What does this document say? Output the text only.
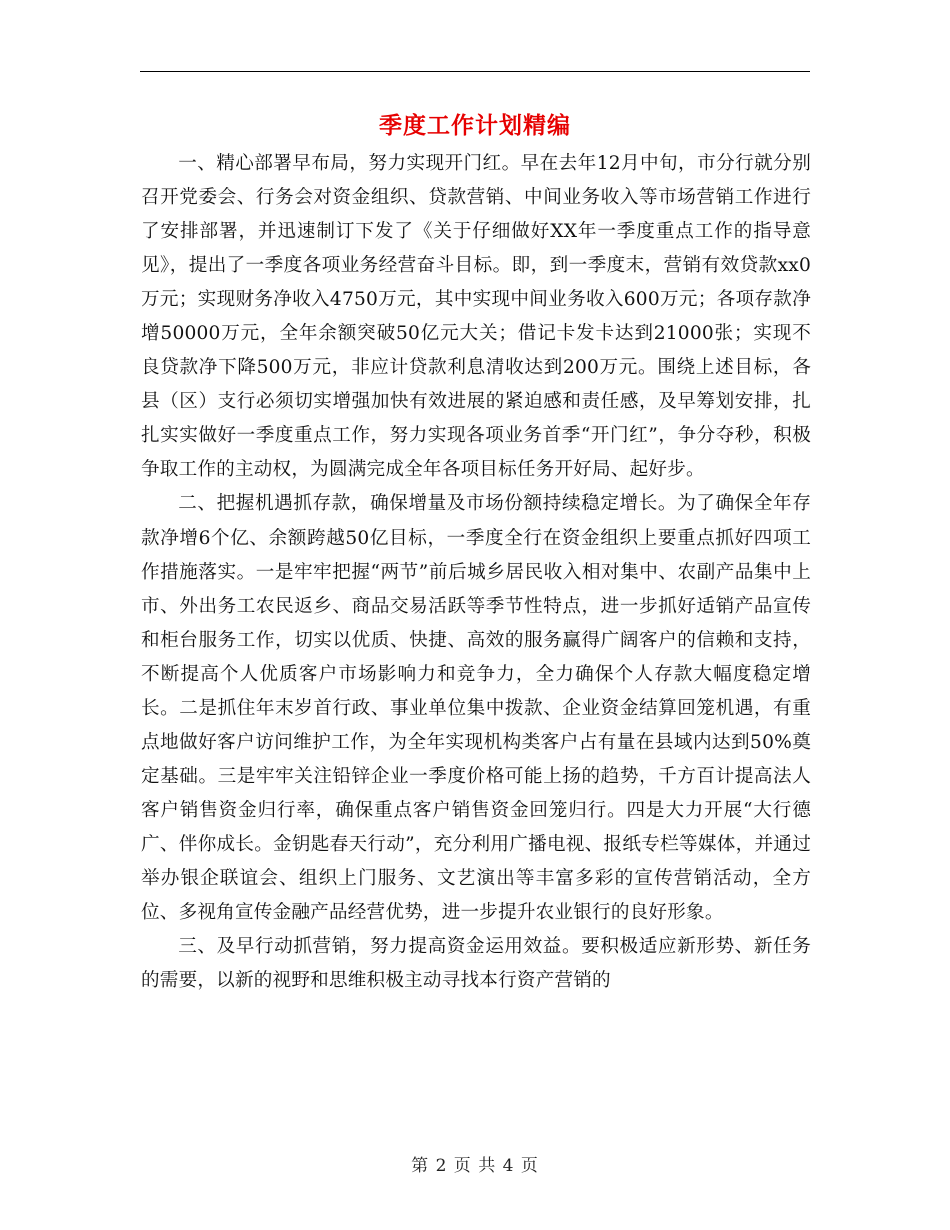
季度工作计划精编

一、精心部署早布局，努力实现开门红。早在去年12月中旬，市分行就分别召开党委会、行务会对资金组织、贷款营销、中间业务收入等市场营销工作进行了安排部署，并迅速制订下发了《关于仔细做好XX年一季度重点工作的指导意见》，提出了一季度各项业务经营奋斗目标。即，到一季度末，营销有效贷款xx0万元；实现财务净收入4750万元，其中实现中间业务收入600万元；各项存款净增50000万元，全年余额突破50亿元大关；借记卡发卡达到21000张；实现不良贷款净下降500万元，非应计贷款利息清收达到200万元。围绕上述目标，各县（区）支行必须切实增强加快有效进展的紧迫感和责任感，及早筹划安排，扎扎实实做好一季度重点工作，努力实现各项业务首季“开门红”，争分夺秒，积极争取工作的主动权，为圆满完成全年各项目标任务开好局、起好步。

二、把握机遇抓存款，确保增量及市场份额持续稳定增长。为了确保全年存款净增6个亿、余额跨越50亿目标，一季度全行在资金组织上要重点抓好四项工作措施落实。一是牢牢把握“两节”前后城乡居民收入相对集中、农副产品集中上市、外出务工农民返乡、商品交易活跃等季节性特点，进一步抓好适销产品宣传和柜台服务工作，切实以优质、快捷、高效的服务赢得广阔客户的信赖和支持，不断提高个人优质客户市场影响力和竞争力，全力确保个人存款大幅度稳定增长。二是抓住年末岁首行政、事业单位集中拨款、企业资金结算回笼机遇，有重点地做好客户访问维护工作，为全年实现机构类客户占有量在县域内达到50%奠定基础。三是牢牢关注铅锌企业一季度价格可能上扬的趋势，千方百计提高法人客户销售资金归行率，确保重点客户销售资金回笼归行。四是大力开展“大行德广、伴你成长。金钥匙春天行动”，充分利用广播电视、报纸专栏等媒体，并通过举办银企联谊会、组织上门服务、文艺演出等丰富多彩的宣传营销活动，全方位、多视角宣传金融产品经营优势，进一步提升农业银行的良好形象。

三、及早行动抓营销，努力提高资金运用效益。要积极适应新形势、新任务的需要，以新的视野和思维积极主动寻找本行资产营销的

第 2 页 共 4 页
